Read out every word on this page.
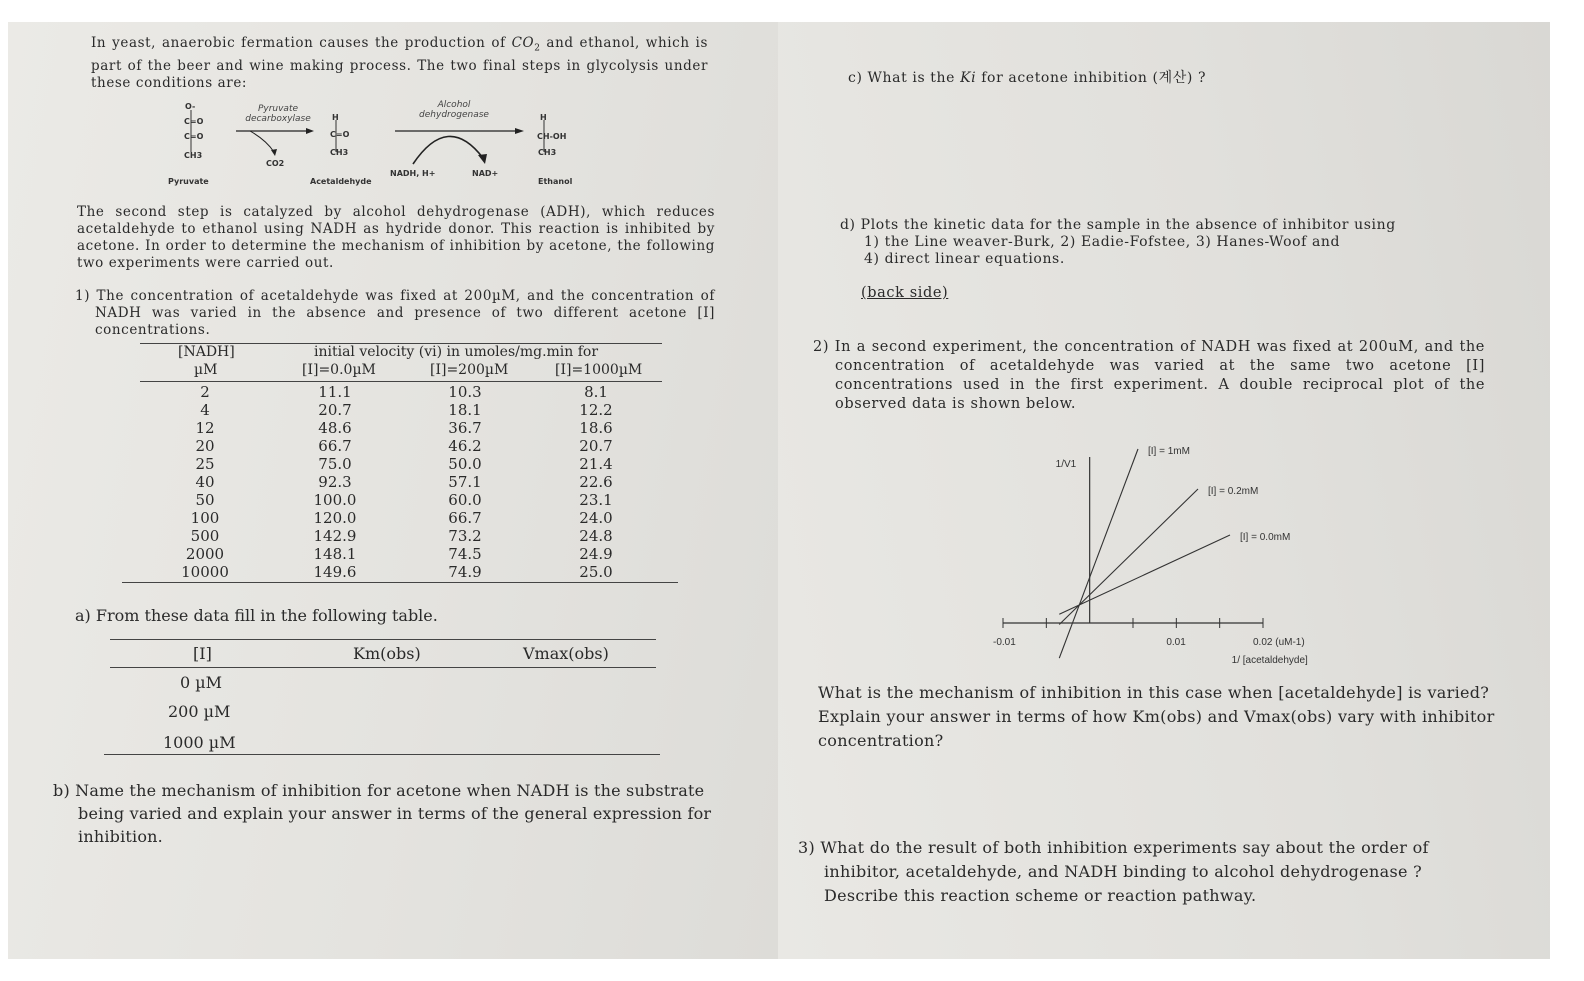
In yeast, anaerobic fermation causes the production of $CO_2$ and ethanol, which is part of the beer and wine making process. The two final steps in glycolysis under these conditions are:

O-
C=O
C=O
CH3
Pyruvate
Pyruvate decarboxylase
CO2
H
C=O
CH3
Acetaldehyde
Alcohol dehydrogenase
NADH, H+	NAD+
H
CH-OH
CH3
Ethanol

The second step is catalyzed by alcohol dehydrogenase (ADH), which reduces acetaldehyde to ethanol using NADH as hydride donor. This reaction is inhibited by acetone. In order to determine the mechanism of inhibition by acetone, the following two experiments were carried out.

1) The concentration of acetaldehyde was fixed at 200µM, and the concentration of NADH was varied in the absence and presence of two different acetone [I] concentrations.

[NADH]	initial velocity (vi) in umoles/mg.min for
µM	[I]=0.0µM	[I]=200µM	[I]=1000µM
2	11.1	10.3	8.1
4	20.7	18.1	12.2
12	48.6	36.7	18.6
20	66.7	46.2	20.7
25	75.0	50.0	21.4
40	92.3	57.1	22.6
50	100.0	60.0	23.1
100	120.0	66.7	24.0
500	142.9	73.2	24.8
2000	148.1	74.5	24.9
10000	149.6	74.9	25.0

a) From these data fill in the following table.

[I]	Km(obs)	Vmax(obs)
0 µM
200 µM
1000 µM

b) Name the mechanism of inhibition for acetone when NADH is the substrate being varied and explain your answer in terms of the general expression for inhibition.

c) What is the Ki for acetone inhibition (계산) ?

d) Plots the kinetic data for the sample in the absence of inhibitor using

1) the Line weaver-Burk, 2) Eadie-Fofstee, 3) Hanes-Woof and

4) direct linear equations.

(back side)

2) In a second experiment, the concentration of NADH was fixed at 200uM, and the concentration of acetaldehyde was varied at the same two acetone [I] concentrations used in the first experiment. A double reciprocal plot of the observed data is shown below.

[I] = 1mM
[I] = 0.2mM
[I] = 0.0mM
1/V1
-0.01	0.01	0.02 (uM-1)
1/ [acetaldehyde]

What is the mechanism of inhibition in this case when [acetaldehyde] is varied? Explain your answer in terms of how Km(obs) and Vmax(obs) vary with inhibitor concentration?

3) What do the result of both inhibition experiments say about the order of inhibitor, acetaldehyde, and NADH binding to alcohol dehydrogenase ? Describe this reaction scheme or reaction pathway.
